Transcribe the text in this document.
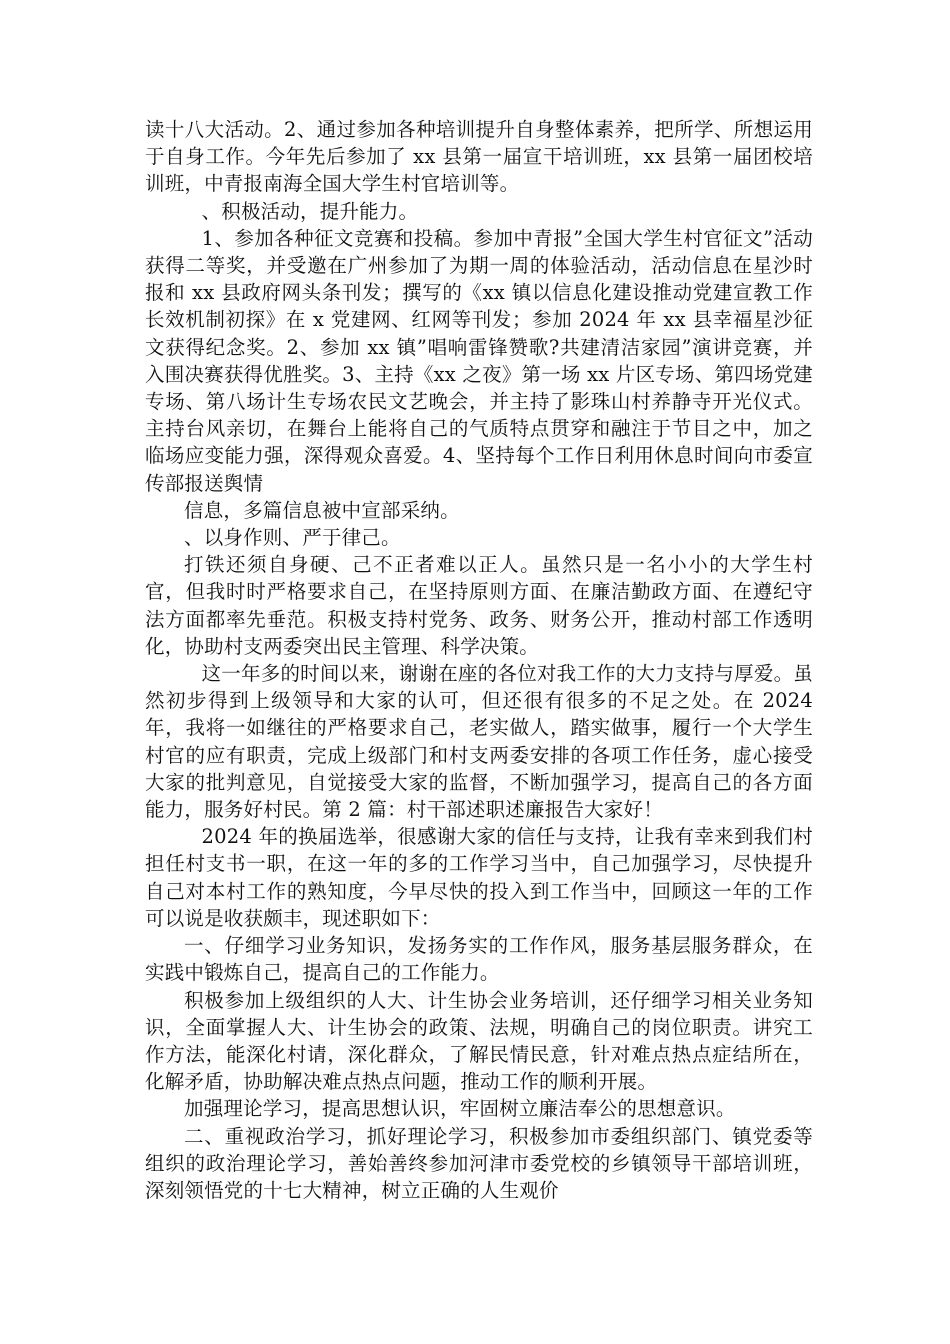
读十八大活动。2、通过参加各种培训提升自身整体素养，把所学、所想运用于自身工作。今年先后参加了 xx 县第一届宣干培训班，xx 县第一届团校培训班，中青报南海全国大学生村官培训等。

、积极活动，提升能力。

1、参加各种征文竞赛和投稿。参加中青报”全国大学生村官征文”活动获得二等奖，并受邀在广州参加了为期一周的体验活动，活动信息在星沙时报和 xx 县政府网头条刊发；撰写的《xx 镇以信息化建设推动党建宣教工作长效机制初探》在 x 党建网、红网等刊发；参加 2024 年 xx 县幸福星沙征文获得纪念奖。2、参加 xx 镇”唱响雷锋赞歌?共建清洁家园”演讲竞赛，并入围决赛获得优胜奖。3、主持《xx 之夜》第一场 xx 片区专场、第四场党建专场、第八场计生专场农民文艺晚会，并主持了影珠山村养静寺开光仪式。主持台风亲切，在舞台上能将自己的气质特点贯穿和融注于节目之中，加之临场应变能力强，深得观众喜爱。4、坚持每个工作日利用休息时间向市委宣传部报送舆情

信息，多篇信息被中宣部采纳。

、以身作则、严于律己。

打铁还须自身硬、己不正者难以正人。虽然只是一名小小的大学生村官，但我时时严格要求自己，在坚持原则方面、在廉洁勤政方面、在遵纪守法方面都率先垂范。积极支持村党务、政务、财务公开，推动村部工作透明化，协助村支两委突出民主管理、科学决策。

这一年多的时间以来，谢谢在座的各位对我工作的大力支持与厚爱。虽然初步得到上级领导和大家的认可，但还很有很多的不足之处。在 2024 年，我将一如继往的严格要求自己，老实做人，踏实做事，履行一个大学生村官的应有职责，完成上级部门和村支两委安排的各项工作任务，虚心接受大家的批判意见，自觉接受大家的监督，不断加强学习，提高自己的各方面能力，服务好村民。第 2 篇：村干部述职述廉报告大家好！

2024 年的换届选举，很感谢大家的信任与支持，让我有幸来到我们村担任村支书一职，在这一年的多的工作学习当中，自己加强学习，尽快提升自己对本村工作的熟知度，今早尽快的投入到工作当中，回顾这一年的工作可以说是收获颇丰，现述职如下：

一、仔细学习业务知识，发扬务实的工作作风，服务基层服务群众，在实践中锻炼自己，提高自己的工作能力。

积极参加上级组织的人大、计生协会业务培训，还仔细学习相关业务知识，全面掌握人大、计生协会的政策、法规，明确自己的岗位职责。讲究工作方法，能深化村请，深化群众，了解民情民意，针对难点热点症结所在，化解矛盾，协助解决难点热点问题，推动工作的顺利开展。

加强理论学习，提高思想认识，牢固树立廉洁奉公的思想意识。

二、重视政治学习，抓好理论学习，积极参加市委组织部门、镇党委等组织的政治理论学习，善始善终参加河津市委党校的乡镇领导干部培训班，深刻领悟党的十七大精神，树立正确的人生观价
